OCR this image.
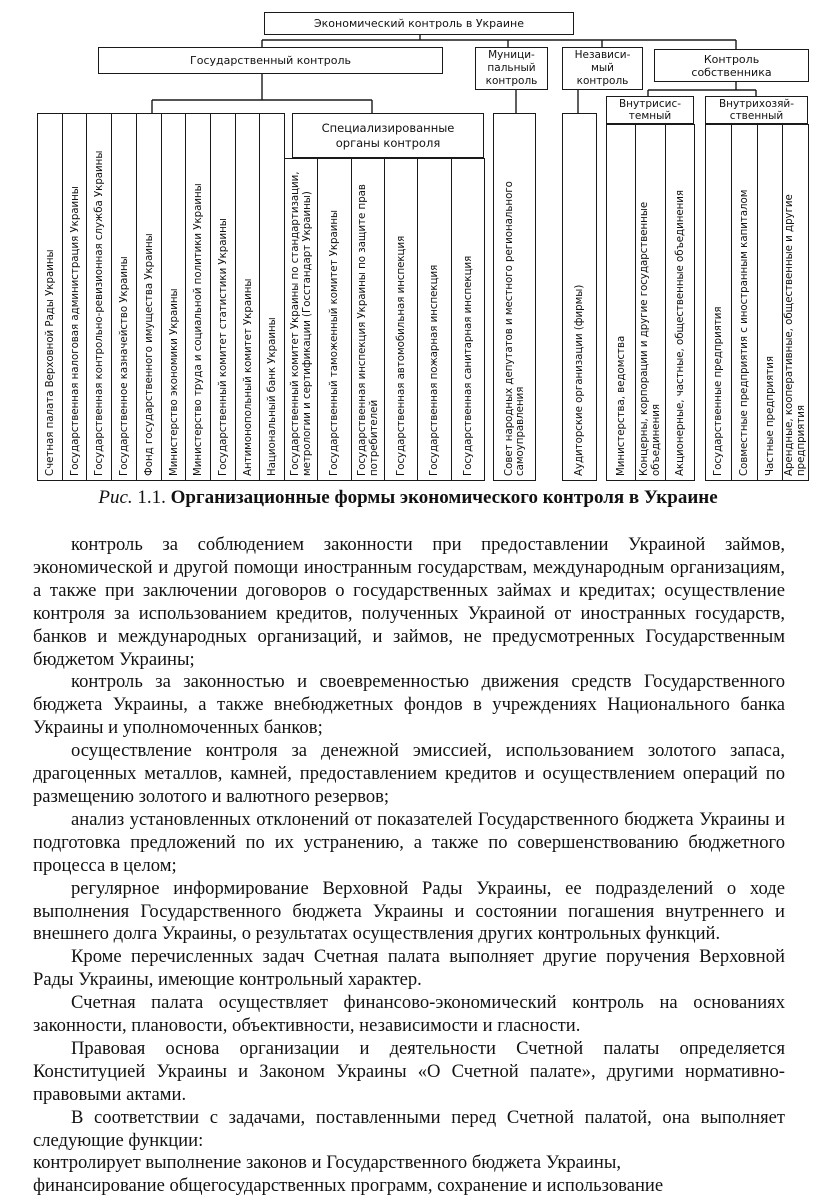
Экономический контроль в Украине
Государственный контроль	Муници-
пальный
контроль
Независи-
мый
контроль
Контроль
собственника
Внутрисис-
темный
Внутрихозяй-
ственный
Специализированные
органы контроля
Счетная палата Верховной Рады Украины	Государственная налоговая администрация Украины	Государственная контрольно-ревизионная служба Украины	Государственное казначейство Украины	Фонд государственного имущества Украины	Министерство экономики Украины	Министерство труда и социальной политики Украины	Государственный комитет статистики Украины	Антимонопольный комитет Украины	Национальный банк Украины	Государственный комитет Украины по стандартизации, метрологии и сертификации (Госстандарт Украины)	Государственный таможенный комитет Украины	Государственная инспекция Украины по защите прав потребителей	Государственная автомобильная инспекция	Государственная пожарная инспекция	Государственная санитарная инспекция	Совет народных депутатов и местного регионального самоуправления	Аудиторские организации (фирмы)	Министерства, ведомства	Концерны, корпорации и другие государственные объединения	Акционерные, частные, общественные объединения	Государственные предприятия	Совместные предприятия с иностранным капиталом	Частные предприятия Арендные, кооперативные, общественные и другие предприятия
Рис. 1.1. Организационные формы экономического контроля в Украине

контроль за соблюдением законности при предоставлении Украиной займов, экономической и другой помощи иностранным государствам, международным организациям, а также при заключении договоров о государственных займах и кредитах; осуществление контроля за использованием кредитов, полученных Украиной от иностранных государств, банков и международных организаций, и займов, не предусмотренных Государственным бюджетом Украины;

контроль за законностью и своевременностью движения средств Государственного бюджета Украины, а также внебюджетных фондов в учреждениях Национального банка Украины и уполномоченных банков;

осуществление контроля за денежной эмиссией, использованием золотого запаса, драгоценных металлов, камней, предоставлением кредитов и осуществлением операций по размещению золотого и валютного резервов;

анализ установленных отклонений от показателей Государственного бюджета Украины и подготовка предложений по их устранению, а также по совершенствованию бюджетного процесса в целом;

регулярное информирование Верховной Рады Украины, ее подразделений о ходе выполнения Государственного бюджета Украины и состоянии погашения внутреннего и внешнего долга Украины, о результатах осуществления других контрольных функций.

Кроме перечисленных задач Счетная палата выполняет другие поручения Верховной Рады Украины, имеющие контрольный характер.

Счетная палата осуществляет финансово-экономический контроль на основаниях законности, плановости, объективности, независимости и гласности.

Правовая основа организации и деятельности Счетной палаты определяется Конституцией Украины и Законом Украины «О Счетной палате», другими нормативно-правовыми актами.

В соответствии с задачами, поставленными перед Счетной палатой, она выполняет следующие функции:

контролирует выполнение законов и Государственного бюджета Украины,

финансирование общегосударственных программ, сохранение и использование
